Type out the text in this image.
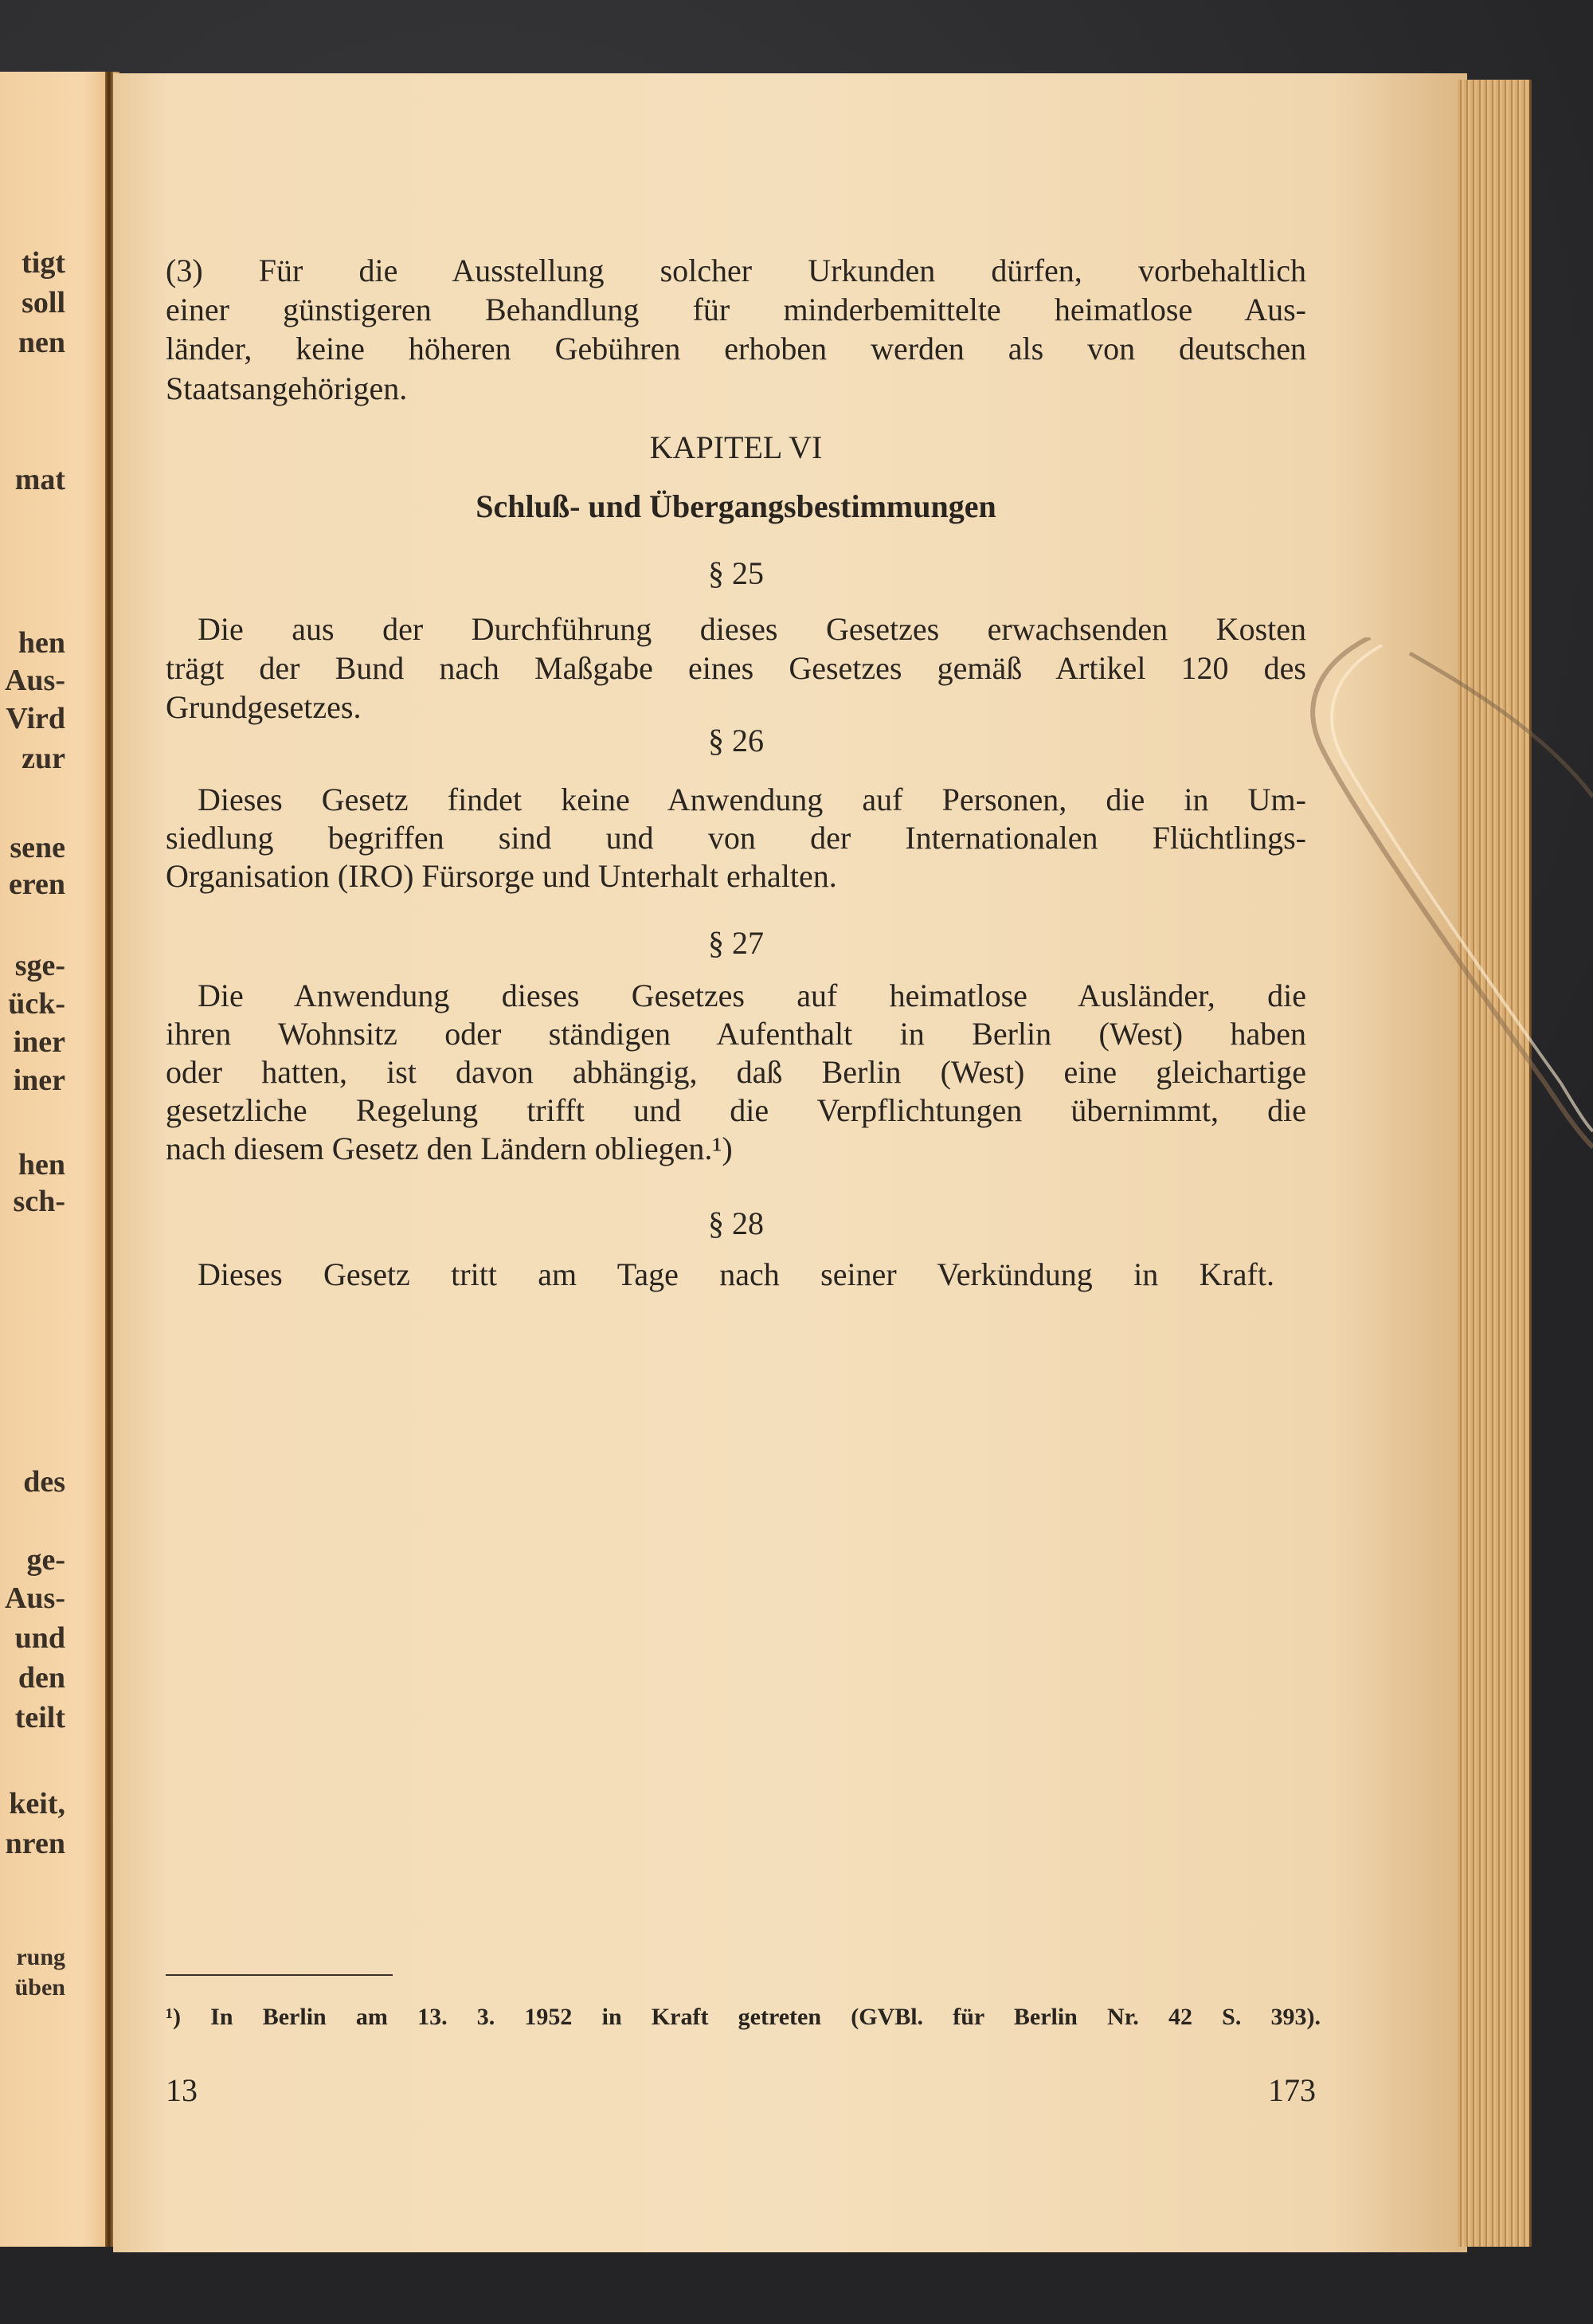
tigt
soll
nen
mat
hen
Aus-
Vird
zur
sene
eren
sge-
ück-
iner
iner
hen
sch-
des
ge-
Aus-
und
den
teilt
keit,
nren
rung
üben
(3) Für die Ausstellung solcher Urkunden dürfen, vorbehaltlich
einer günstigeren Behandlung für minderbemittelte heimatlose Aus-
länder, keine höheren Gebühren erhoben werden als von deutschen
Staatsangehörigen.
KAPITEL VI
Schluß- und Übergangsbestimmungen
§ 25
Die aus der Durchführung dieses Gesetzes erwachsenden Kosten
trägt der Bund nach Maßgabe eines Gesetzes gemäß Artikel 120 des
Grundgesetzes.
§ 26
Dieses Gesetz findet keine Anwendung auf Personen, die in Um-
siedlung begriffen sind und von der Internationalen Flüchtlings-
Organisation (IRO) Fürsorge und Unterhalt erhalten.
§ 27
Die Anwendung dieses Gesetzes auf heimatlose Ausländer, die
ihren Wohnsitz oder ständigen Aufenthalt in Berlin (West) haben
oder hatten, ist davon abhängig, daß Berlin (West) eine gleichartige
gesetzliche Regelung trifft und die Verpflichtungen übernimmt, die
nach diesem Gesetz den Ländern obliegen.¹)
§ 28
Dieses Gesetz tritt am Tage nach seiner Verkündung in Kraft.
¹) In Berlin am 13. 3. 1952 in Kraft getreten (GVBl. für Berlin Nr. 42 S. 393).
13	173
